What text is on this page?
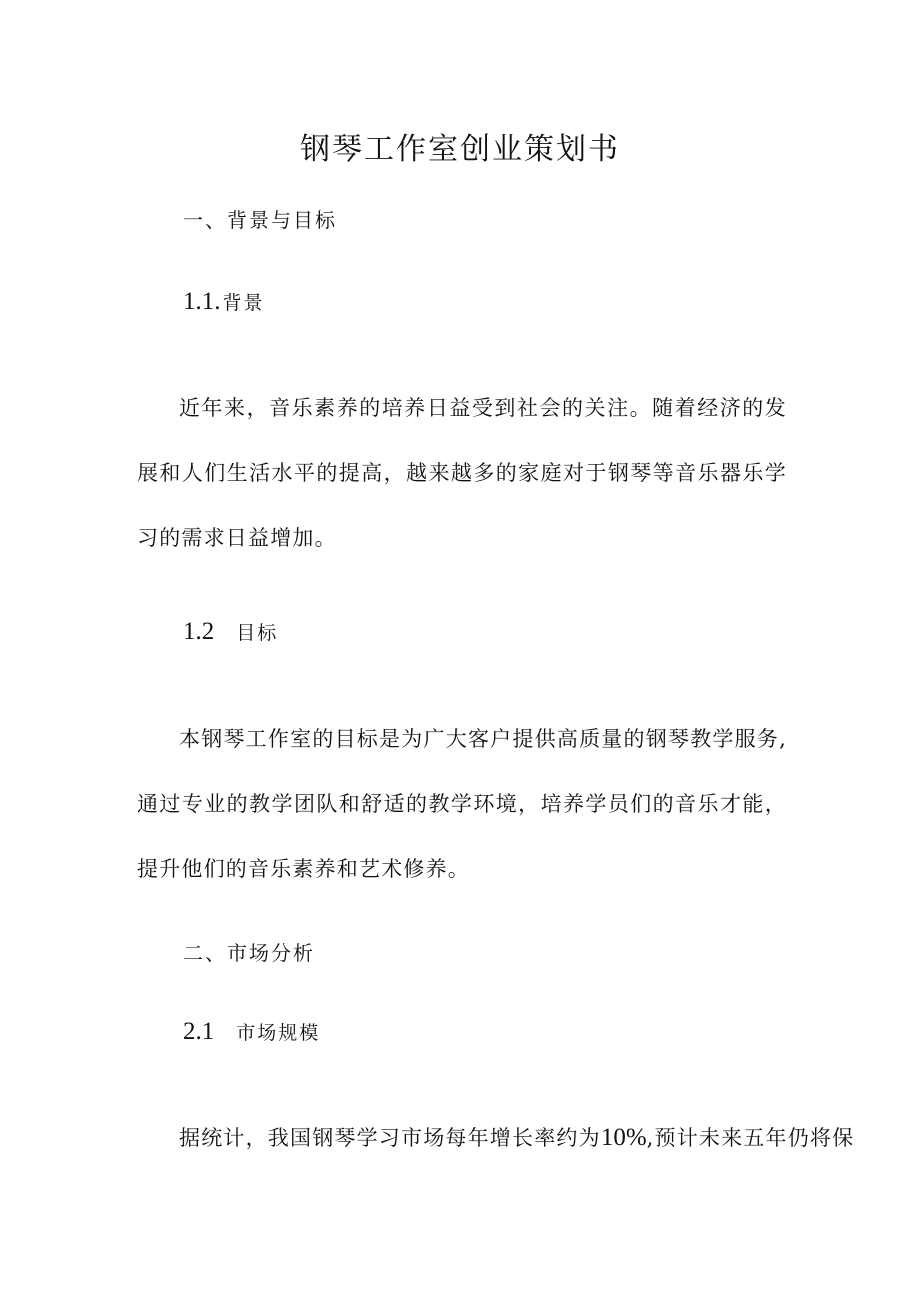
钢琴工作室创业策划书
一、背景与目标
1.1. 背景

近年来，音乐素养的培养日益受到社会的关注。随着经济的发展和人们生活水平的提高，越来越多的家庭对于钢琴等音乐器乐学习的需求日益增加。

1.2 目标

本钢琴工作室的目标是为广大客户提供高质量的钢琴教学服务,通过专业的教学团队和舒适的教学环境，培养学员们的音乐才能，提升他们的音乐素养和艺术修养。

二、市场分析
2.1 市场规模

据统计，我国钢琴学习市场每年增长率约为10%,预计未来五年仍将保
